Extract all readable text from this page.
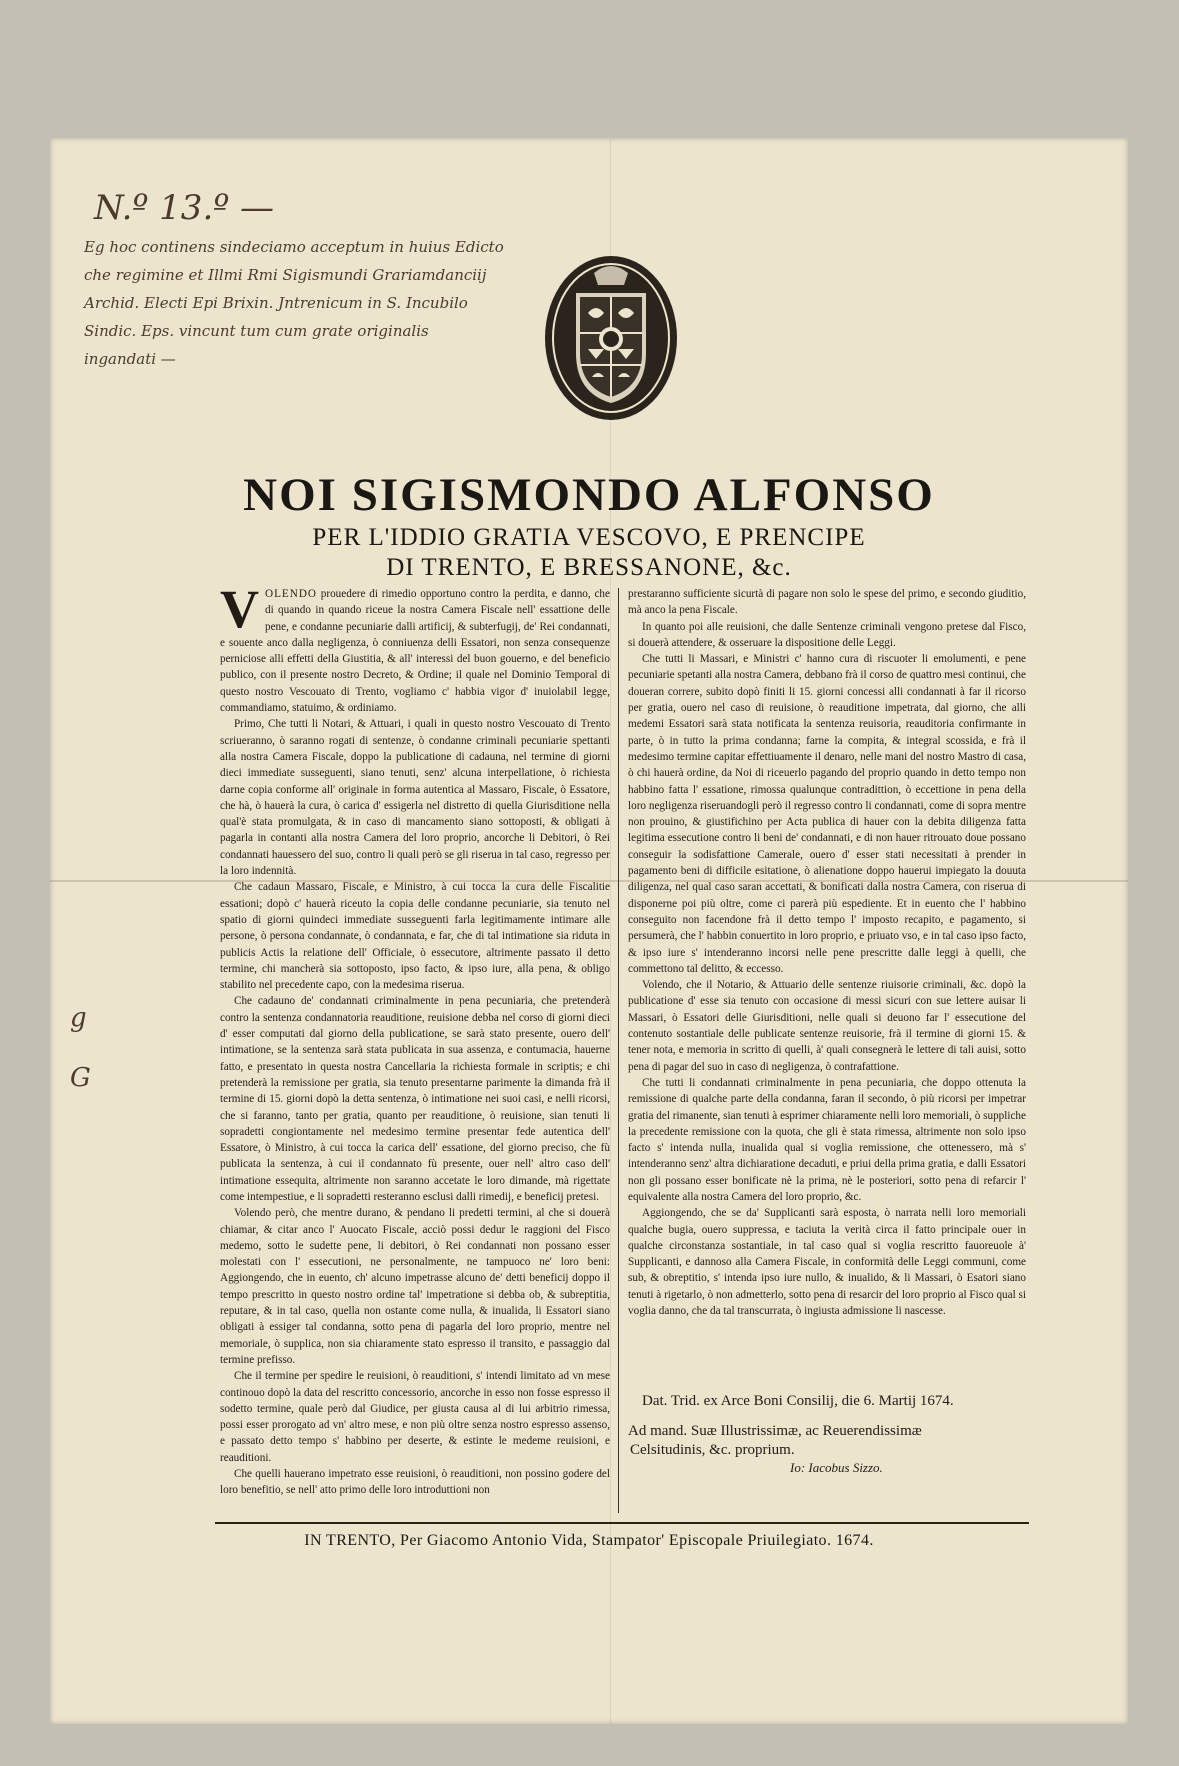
N.º 13.º —
Eg hoc continens sindeciamo acceptum in huius Edicto che regimine et Illmi Rmi Sigismundi Grariamdanciij Archid. Electi Epi Brixin. Jntrenicum in S. Incubilo Sindic. Eps. vincunt tum cum grate originalis ingandati —
g
G
NOI SIGISMONDO ALFONSO
PER L'IDDIO GRATIA VESCOVO, E PRENCIPE
DI TRENTO, E BRESSANONE, &c.

VOLENDO prouedere di rimedio opportuno contro la perdita, e danno, che di quando in quando riceue la nostra Camera Fiscale nell' essattione delle pene, e condanne pecuniarie dalli artificij, & subterfugij, de' Rei condannati, e souente anco dalla negligenza, ò conniuenza delli Essatori, non senza consequenze perniciose alli effetti della Giustitia, & all' interessi del buon gouerno, e del beneficio publico, con il presente nostro Decreto, & Ordine; il quale nel Dominio Temporal di questo nostro Vescouato di Trento, vogliamo c' habbia vigor d' inuiolabil legge, commandiamo, statuimo, & ordiniamo.

Primo, Che tutti li Notari, & Attuari, i quali in questo nostro Vescouato di Trento scriueranno, ò saranno rogati di sentenze, ò condanne criminali pecuniarie spettanti alla nostra Camera Fiscale, doppo la publicatione di cadauna, nel termine di giorni dieci immediate susseguenti, siano tenuti, senz' alcuna interpellatione, ò richiesta darne copia conforme all' originale in forma autentica al Massaro, Fiscale, ò Essatore, che hà, ò hauerà la cura, ò carica d' essigerla nel distretto di quella Giurisditione nella qual'è stata promulgata, & in caso di mancamento siano sottoposti, & obligati à pagarla in contanti alla nostra Camera del loro proprio, ancorche li Debitori, ò Rei condannati hauessero del suo, contro li quali però se gli riserua in tal caso, regresso per la loro indennità.

Che cadaun Massaro, Fiscale, e Ministro, à cui tocca la cura delle Fiscalitie essationi; dopò c' hauerà riceuto la copia delle condanne pecuniarie, sia tenuto nel spatio di giorni quindeci immediate susseguenti farla legitimamente intimare alle persone, ò persona condannate, ò condannata, e far, che di tal intimatione sia riduta in publicis Actis la relatione dell' Officiale, ò essecutore, altrimente passato il detto termine, chi mancherà sia sottoposto, ipso facto, & ipso iure, alla pena, & obligo stabilito nel precedente capo, con la medesima riserua.

Che cadauno de' condannati criminalmente in pena pecuniaria, che pretenderà contro la sentenza condannatoria reauditione, reuisione debba nel corso di giorni dieci d' esser computati dal giorno della publicatione, se sarà stato presente, ouero dell' intimatione, se la sentenza sarà stata publicata in sua assenza, e contumacia, hauerne fatto, e presentato in questa nostra Cancellaria la richiesta formale in scriptis; e chi pretenderà la remissione per gratia, sia tenuto presentarne parimente la dimanda frà il termine di 15. giorni dopò la detta sentenza, ò intimatione nei suoi casi, e nelli ricorsi, che si faranno, tanto per gratia, quanto per reauditione, ò reuisione, sian tenuti li sopradetti congiontamente nel medesimo termine presentar fede autentica dell' Essatore, ò Ministro, à cui tocca la carica dell' essatione, del giorno preciso, che fù publicata la sentenza, à cui il condannato fù presente, ouer nell' altro caso dell' intimatione essequita, altrimente non saranno accetate le loro dimande, mà rigettate come intempestiue, e li sopradetti resteranno esclusi dalli rimedij, e beneficij pretesi.

Volendo però, che mentre durano, & pendano li predetti termini, al che si douerà chiamar, & citar anco l' Auocato Fiscale, acciò possi dedur le raggioni del Fisco medemo, sotto le sudette pene, li debitori, ò Rei condannati non possano esser molestati con l' essecutioni, ne personalmente, ne tampuoco ne' loro beni: Aggiongendo, che in euento, ch' alcuno impetrasse alcuno de' detti beneficij doppo il tempo prescritto in questo nostro ordine tal' impetratione si debba ob, & subreptitia, reputare, & in tal caso, quella non ostante come nulla, & inualida, li Essatori siano obligati à essiger tal condanna, sotto pena di pagarla del loro proprio, mentre nel memoriale, ò supplica, non sia chiaramente stato espresso il transito, e passaggio dal termine prefisso.

Che il termine per spedire le reuisioni, ò reauditioni, s' intendi limitato ad vn mese continouo dopò la data del rescritto concessorio, ancorche in esso non fosse espresso il sodetto termine, quale però dal Giudice, per giusta causa al di lui arbitrio rimessa, possi esser prorogato ad vn' altro mese, e non più oltre senza nostro espresso assenso, e passato detto tempo s' habbino per deserte, & estinte le medeme reuisioni, e reauditioni.

Che quelli hauerano impetrato esse reuisioni, ò reauditioni, non possino godere del loro benefitio, se nell' atto primo delle loro introduttioni non

prestaranno sufficiente sicurtà di pagare non solo le spese del primo, e secondo giuditio, mà anco la pena Fiscale.

In quanto poi alle reuisioni, che dalle Sentenze criminali vengono pretese dal Fisco, si douerà attendere, & osseruare la dispositione delle Leggi.

Che tutti li Massari, e Ministri c' hanno cura di riscuoter li emolumenti, e pene pecuniarie spetanti alla nostra Camera, debbano frà il corso de quattro mesi continui, che doueran correre, subito dopò finiti li 15. giorni concessi alli condannati à far il ricorso per gratia, ouero nel caso di reuisione, ò reauditione impetrata, dal giorno, che alli medemi Essatori sarà stata notificata la sentenza reuisoria, reauditoria confirmante in parte, ò in tutto la prima condanna; farne la compita, & integral scossida, e frà il medesimo termine capitar effettiuamente il denaro, nelle mani del nostro Mastro di casa, ò chi hauerà ordine, da Noi di riceuerlo pagando del proprio quando in detto tempo non habbino fatta l' essatione, rimossa qualunque contradittion, ò eccettione in pena della loro negligenza riseruandogli però il regresso contro li condannati, come di sopra mentre non prouino, & giustifichino per Acta publica di hauer con la debita diligenza fatta legitima essecutione contro li beni de' condannati, e di non hauer ritrouato doue possano conseguir la sodisfattione Camerale, ouero d' esser stati necessitati à prender in pagamento beni di difficile esitatione, ò alienatione doppo hauerui impiegato la douuta diligenza, nel qual caso saran accettati, & bonificati dalla nostra Camera, con riserua di disponerne poi più oltre, come ci parerà più espediente. Et in euento che l' habbino conseguito non facendone frà il detto tempo l' imposto recapito, e pagamento, si persumerà, che l' habbin conuertito in loro proprio, e priuato vso, e in tal caso ipso facto, & ipso iure s' intenderanno incorsi nelle pene prescritte dalle leggi à quelli, che commettono tal delitto, & eccesso.

Volendo, che il Notario, & Attuario delle sentenze riuisorie criminali, &c. dopò la publicatione d' esse sia tenuto con occasione di messi sicuri con sue lettere auisar li Massari, ò Essatori delle Giurisditioni, nelle quali si deuono far l' essecutione del contenuto sostantiale delle publicate sentenze reuisorie, frà il termine di giorni 15. & tener nota, e memoria in scritto di quelli, à' quali consegnerà le lettere di tali auisi, sotto pena di pagar del suo in caso di negligenza, ò contrafattione.

Che tutti li condannati criminalmente in pena pecuniaria, che doppo ottenuta la remissione di qualche parte della condanna, faran il secondo, ò più ricorsi per impetrar gratia del rimanente, sian tenuti à esprimer chiaramente nelli loro memoriali, ò suppliche la precedente remissione con la quota, che gli è stata rimessa, altrimente non solo ipso facto s' intenda nulla, inualida qual si voglia remissione, che ottenessero, mà s' intenderanno senz' altra dichiaratione decaduti, e priui della prima gratia, e dalli Essatori non gli possano esser bonificate nè la prima, nè le posteriori, sotto pena di refarcir l' equivalente alla nostra Camera del loro proprio, &c.

Aggiongendo, che se da' Supplicanti sarà esposta, ò narrata nelli loro memoriali qualche bugia, ouero suppressa, e taciuta la verità circa il fatto principale ouer in qualche circonstanza sostantiale, in tal caso qual si voglia rescritto fauoreuole à' Supplicanti, e dannoso alla Camera Fiscale, in conformità delle Leggi communi, come sub, & obreptitio, s' intenda ipso iure nullo, & inualido, & li Massari, ò Esatori siano tenuti à rigetarlo, ò non admetterlo, sotto pena di resarcir del loro proprio al Fisco qual si voglia danno, che da tal transcurrata, ò ingiusta admissione li nascesse.

Dat. Trid. ex Arce Boni Consilij, die 6. Martij 1674.
Ad mand. Suæ Illustrissimæ, ac Reuerendissimæ
Celsitudinis, &c. proprium.
Io: Iacobus Sizzo.
IN TRENTO, Per Giacomo Antonio Vida, Stampator' Episcopale Priuilegiato. 1674.
